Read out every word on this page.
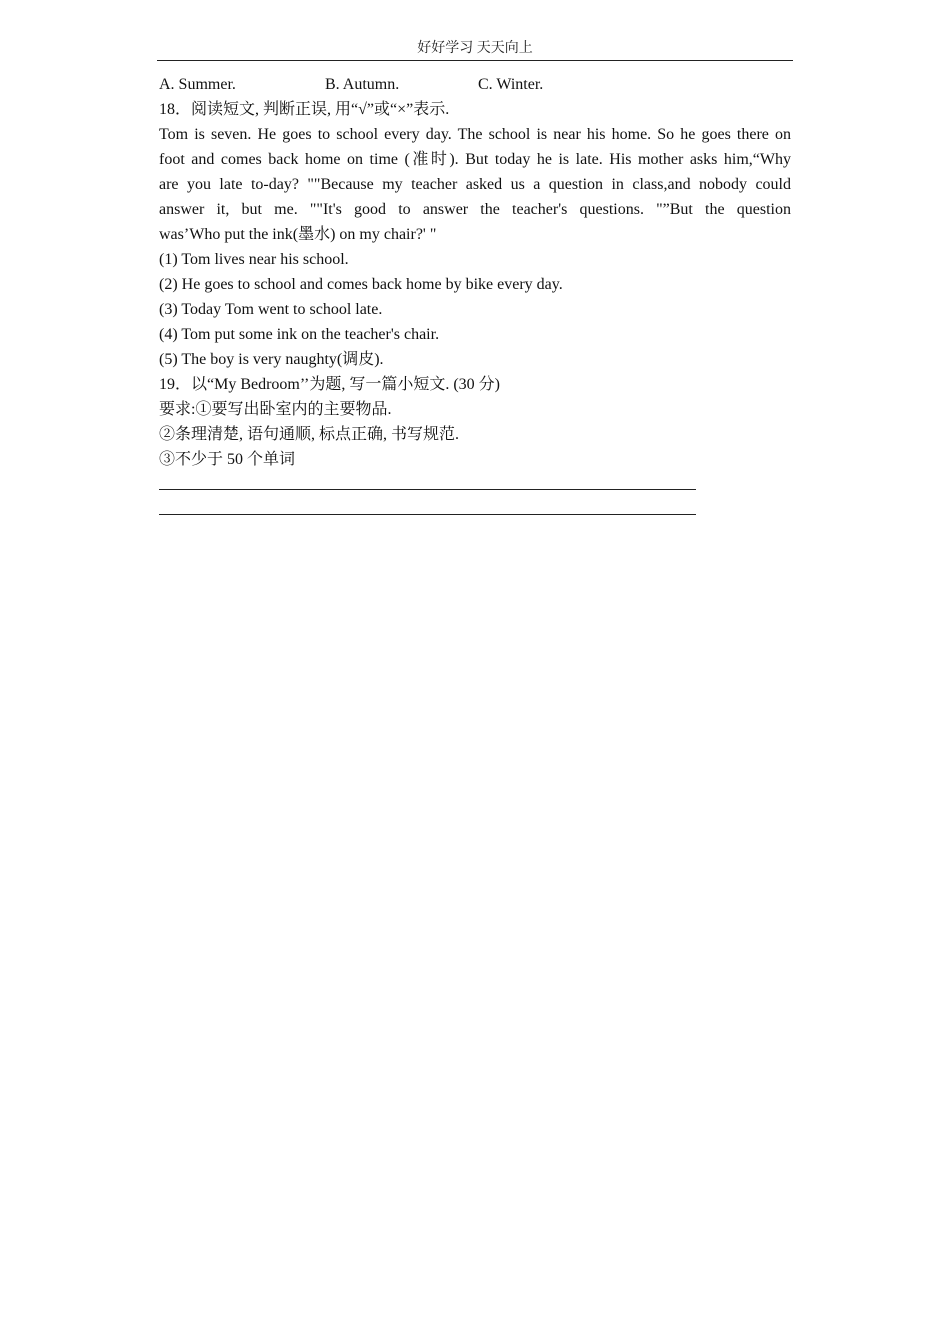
好好学习 天天向上
A. Summer.	B. Autumn.	C. Winter.
18．阅读短文, 判断正误, 用“√”或“×”表示.
Tom is seven. He goes to school every day. The school is near his home. So he goes there on
foot and comes back home on time (准时). But today he is late. His mother asks him,“Why
are you late to-day? ""Because my teacher asked us a question in class,and nobody could
answer it, but me. ""It's good to answer the teacher's questions. "”But the question
was’Who put the ink(墨水) on my chair?' "
(1) Tom lives near his school.
(2) He goes to school and comes back home by bike every day.
(3) Today Tom went to school late.
(4) Tom put some ink on the teacher's chair.
(5) The boy is very naughty(调皮).
19．以“My Bedroom’’为题, 写一篇小短文. (30 分)
要求:①要写出卧室内的主要物品.
②条理清楚, 语句通顺, 标点正确, 书写规范.
③不少于 50 个单词
